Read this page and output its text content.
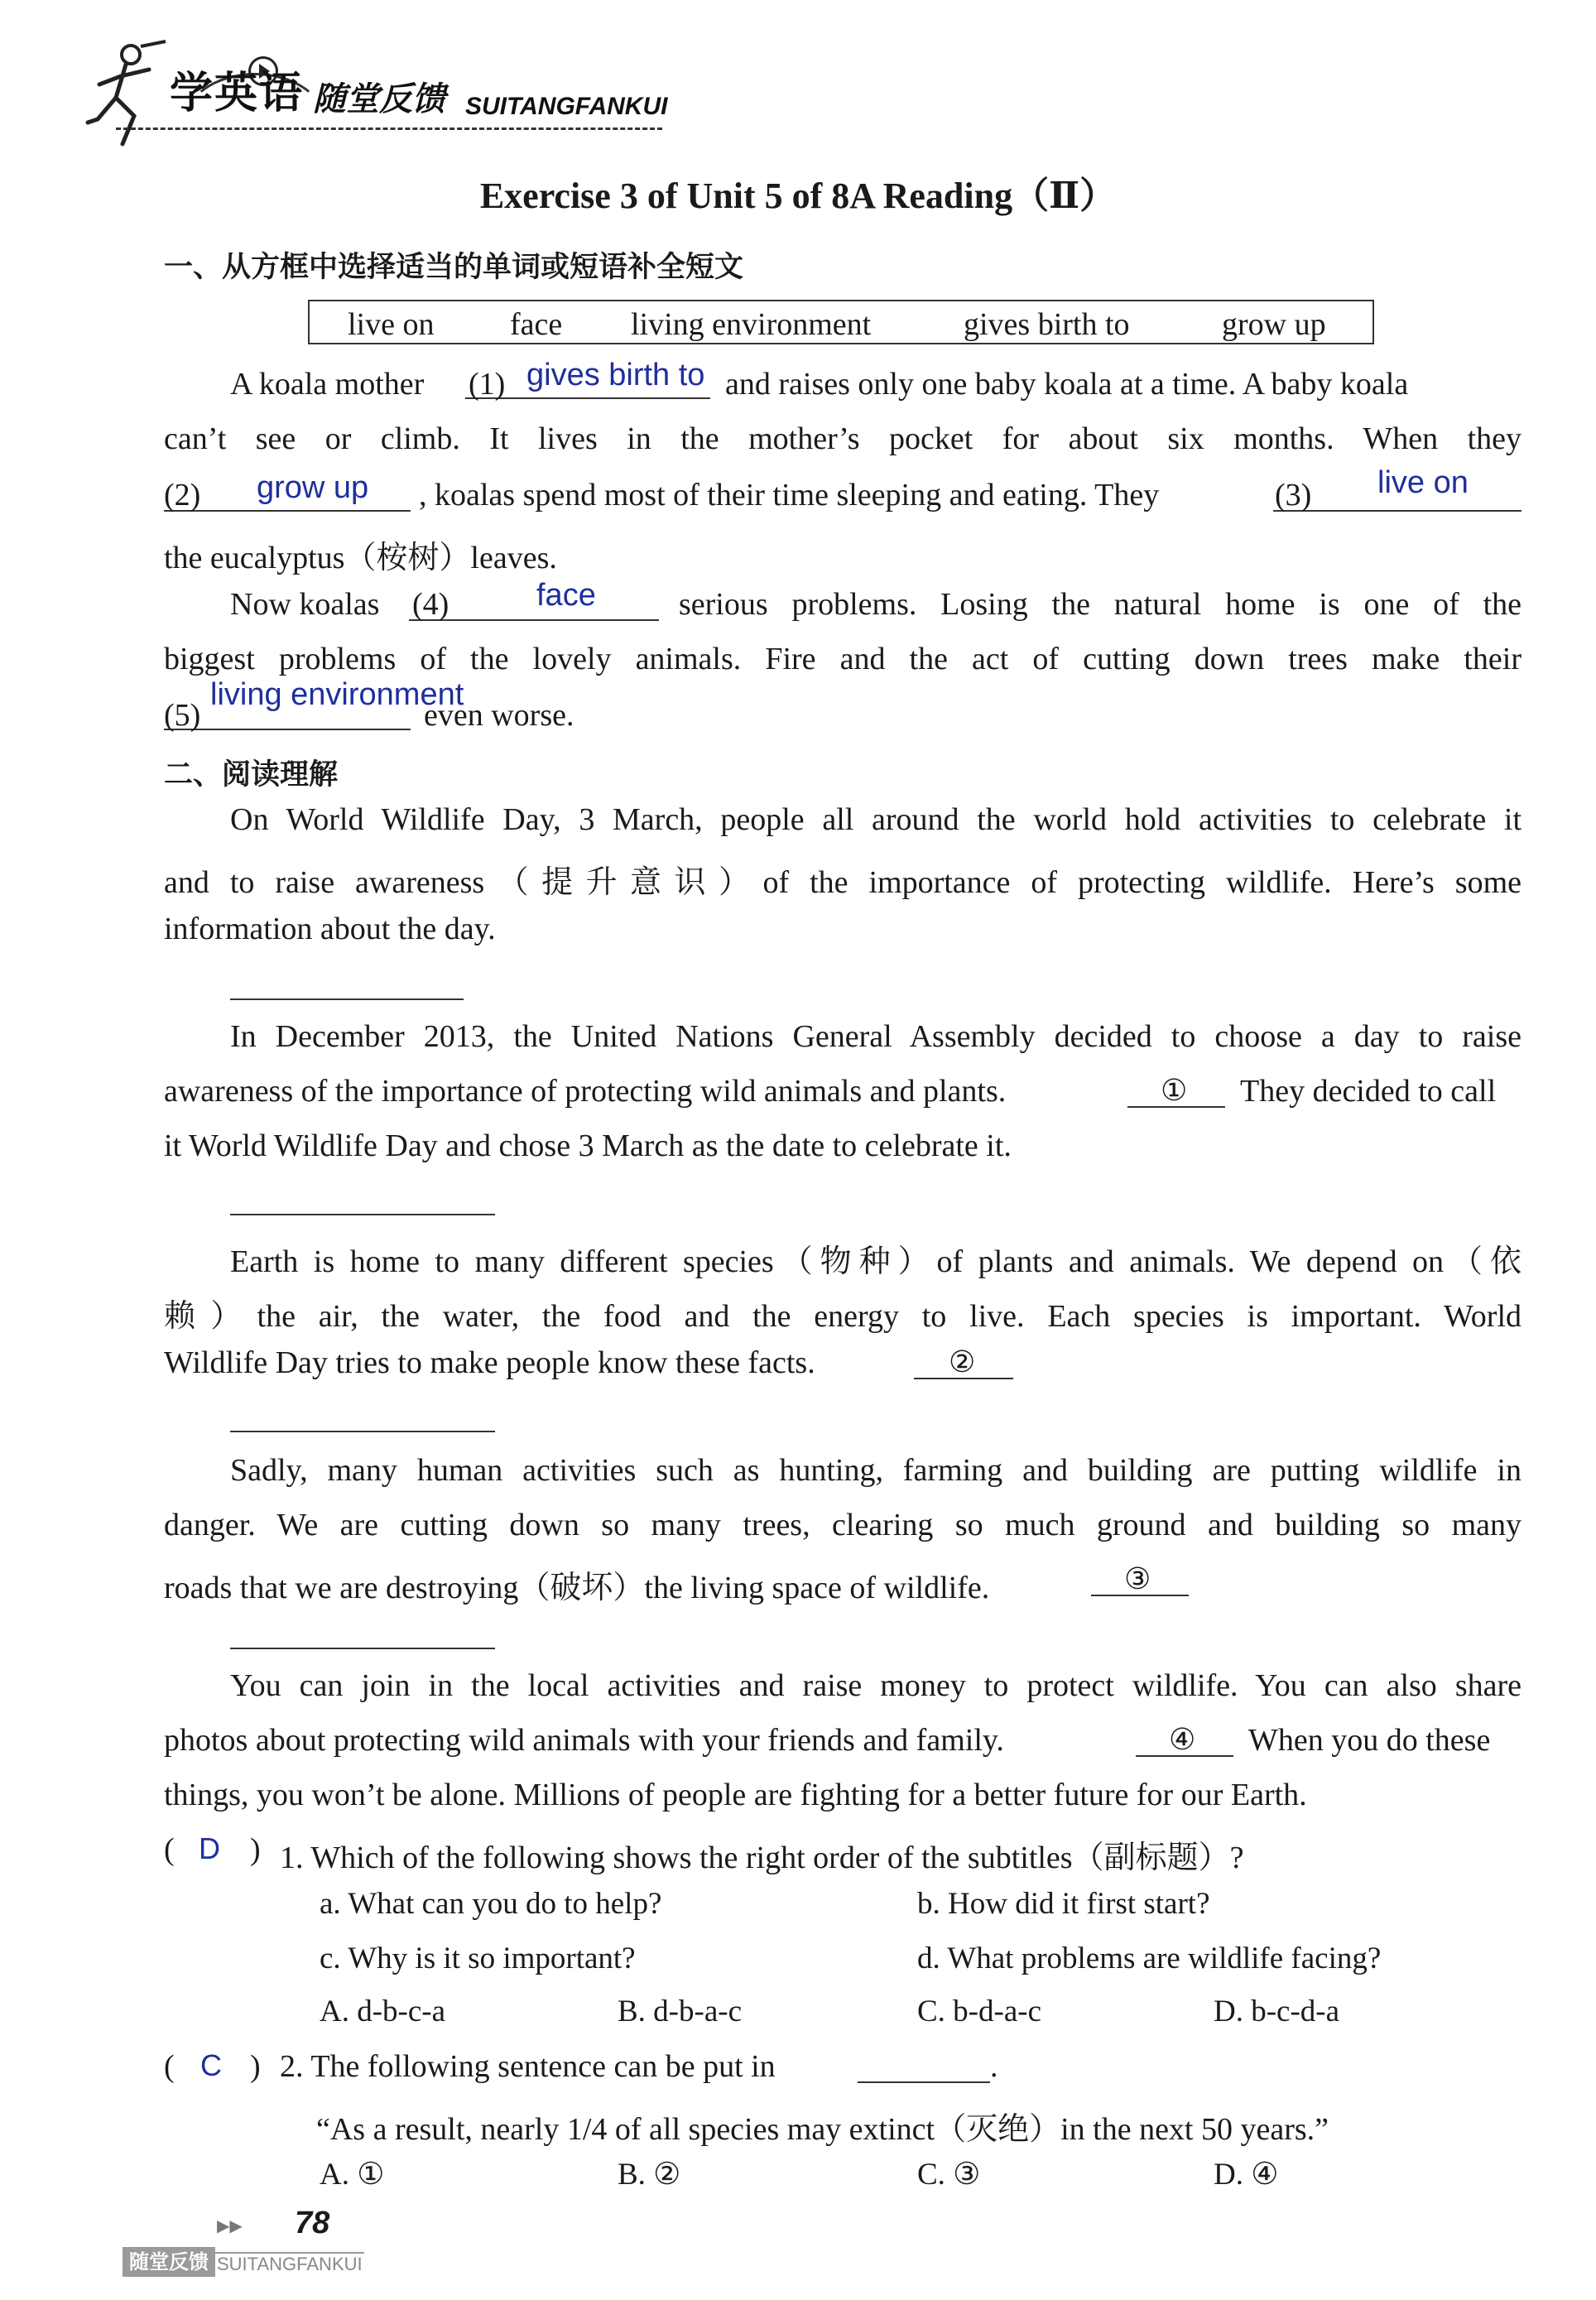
学英语 随堂反馈 SUITANGFANKUI
Exercise 3 of Unit 5 of 8A Reading（Ⅱ）
一、从方框中选择适当的单词或短语补全短文
live on face living environment	gives birth to	grow up
A koala mother (1) gives birth to and raises only one baby koala at a time. A baby koala
can’t see or climb. It lives in the mother’s pocket for about six months. When they
(2) grow up , koalas spend most of their time sleeping and eating. They	(3) live on
the eucalyptus（桉树）leaves.
Now koalas (4)	face	serious problems. Losing the natural home is one of the
biggest problems of the lovely animals. Fire and the act of cutting down trees make their
(5)
living environment
even worse.
二、阅读理解
On World Wildlife Day, 3 March, people all around the world hold activities to celebrate it
and to raise awareness（提升意识）of the importance of protecting wildlife. Here’s some
information about the day.
In December 2013, the United Nations General Assembly decided to choose a day to raise
awareness of the importance of protecting wild animals and plants.	① They decided to call
it World Wildlife Day and chose 3 March as the date to celebrate it.
Earth is home to many different species（物种）of plants and animals. We depend on（依
赖）the air, the water, the food and the energy to live. Each species is important. World
Wildlife Day tries to make people know these facts.	②
Sadly, many human activities such as hunting, farming and building are putting wildlife in
danger. We are cutting down so many trees, clearing so much ground and building so many
roads that we are destroying（破坏）the living space of wildlife.	③
You can join in the local activities and raise money to protect wildlife. You can also share
photos about protecting wild animals with your friends and family.	④ When you do these
things, you won’t be alone. Millions of people are fighting for a better future for our Earth.
( D ) 1. Which of the following shows the right order of the subtitles（副标题）?
a. What can you do to help?	b. How did it first start?
c. Why is it so important?	d. What problems are wildlife facing?
A. d-b-c-a	B. d-b-a-c	C. b-d-a-c	D. b-c-d-a
( C ) 2. The following sentence can be put in	.
“As a result, nearly 1/4 of all species may extinct（灭绝）in the next 50 years.”
A. ①	B. ②	C. ③	D. ④
▶▶ 78
随堂反馈 SUITANGFANKUI
